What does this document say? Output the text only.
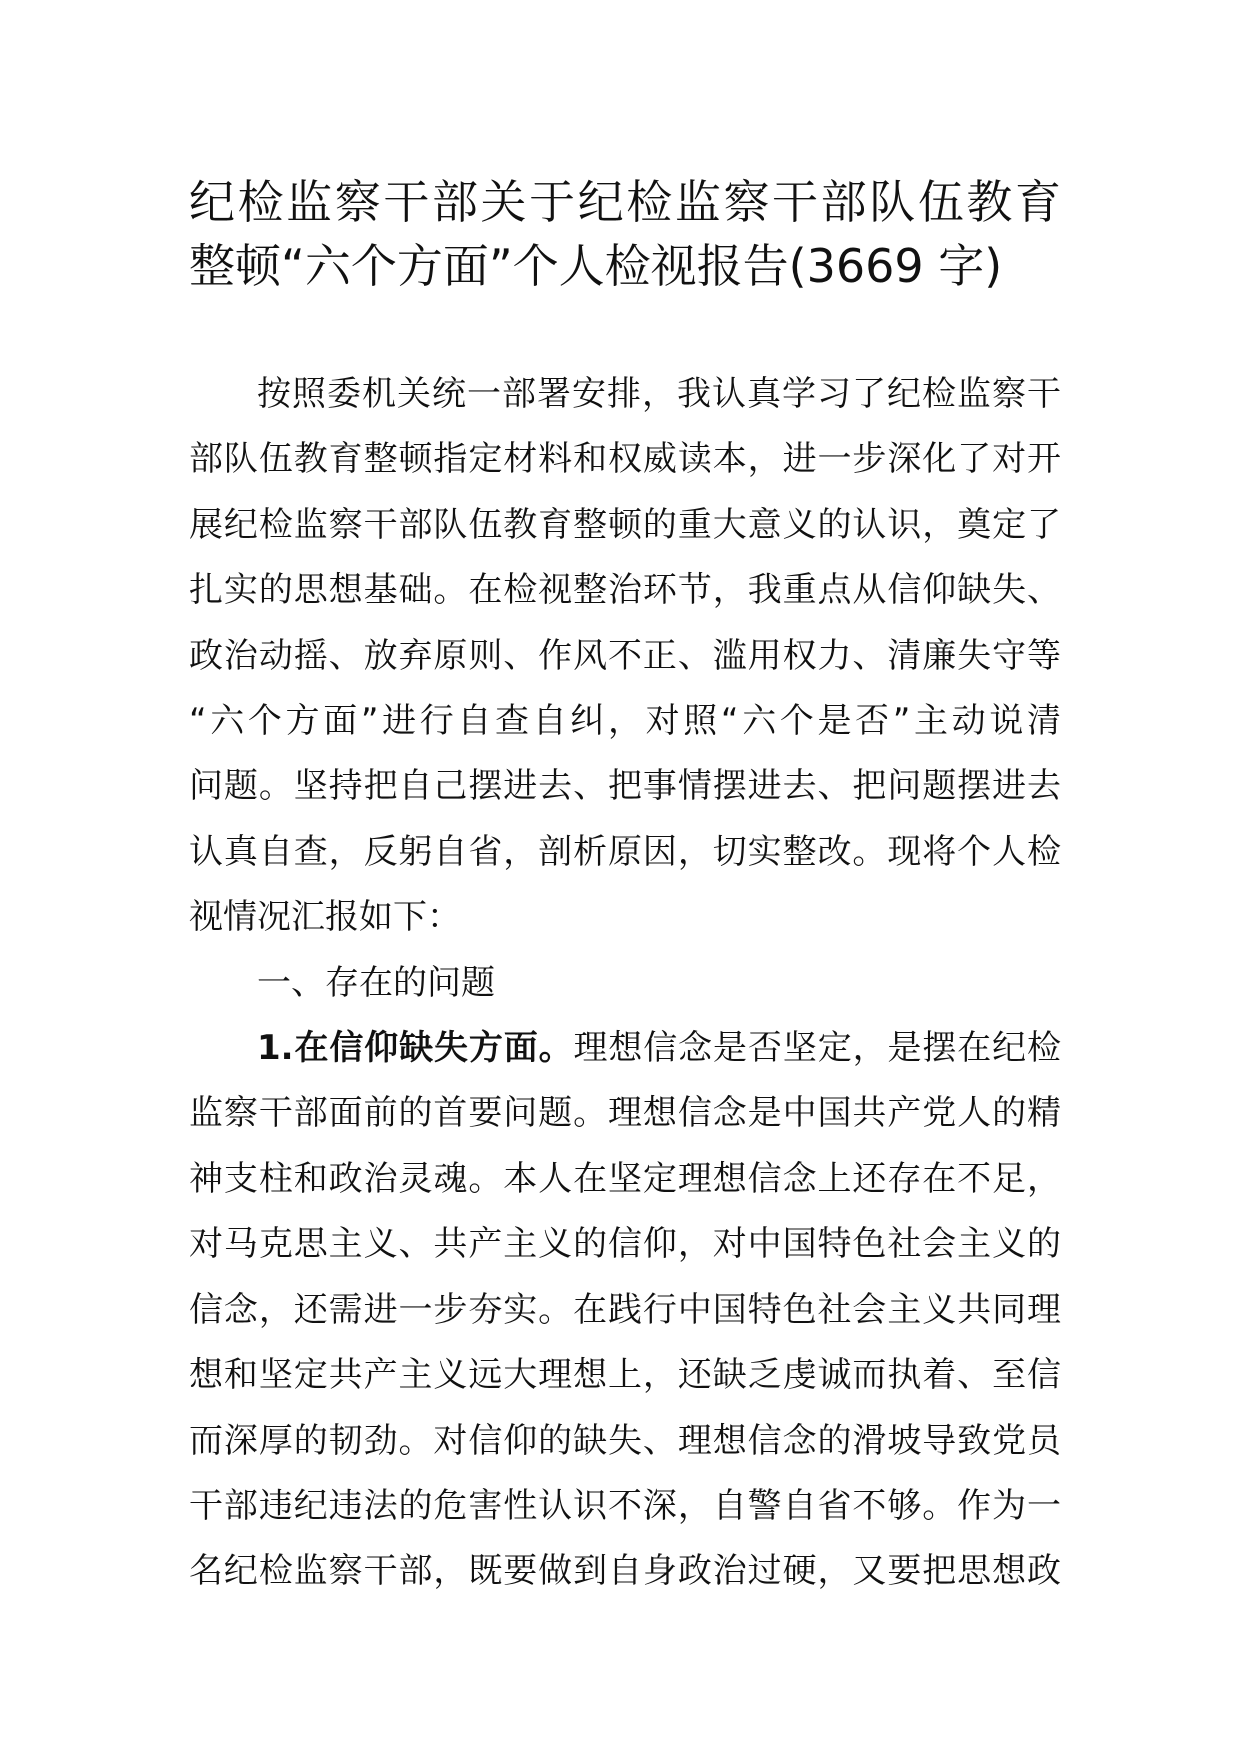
纪检监察干部关于纪检监察干部队伍教育
整顿“六个方面”个人检视报告(3669 字)
按照委机关统一部署安排，我认真学习了纪检监察干
部队伍教育整顿指定材料和权威读本，进一步深化了对开
展纪检监察干部队伍教育整顿的重大意义的认识，奠定了
扎实的思想基础。在检视整治环节，我重点从信仰缺失、
政治动摇、放弃原则、作风不正、滥用权力、清廉失守等
“六个方面”进行自查自纠，对照“六个是否”主动说清
问题。坚持把自己摆进去、把事情摆进去、把问题摆进去
认真自查，反躬自省，剖析原因，切实整改。现将个人检
视情况汇报如下：
一、存在的问题
1.在信仰缺失方面。理想信念是否坚定，是摆在纪检
监察干部面前的首要问题。理想信念是中国共产党人的精
神支柱和政治灵魂。本人在坚定理想信念上还存在不足，
对马克思主义、共产主义的信仰，对中国特色社会主义的
信念，还需进一步夯实。在践行中国特色社会主义共同理
想和坚定共产主义远大理想上，还缺乏虔诚而执着、至信
而深厚的韧劲。对信仰的缺失、理想信念的滑坡导致党员
干部违纪违法的危害性认识不深，自警自省不够。作为一
名纪检监察干部，既要做到自身政治过硬，又要把思想政
